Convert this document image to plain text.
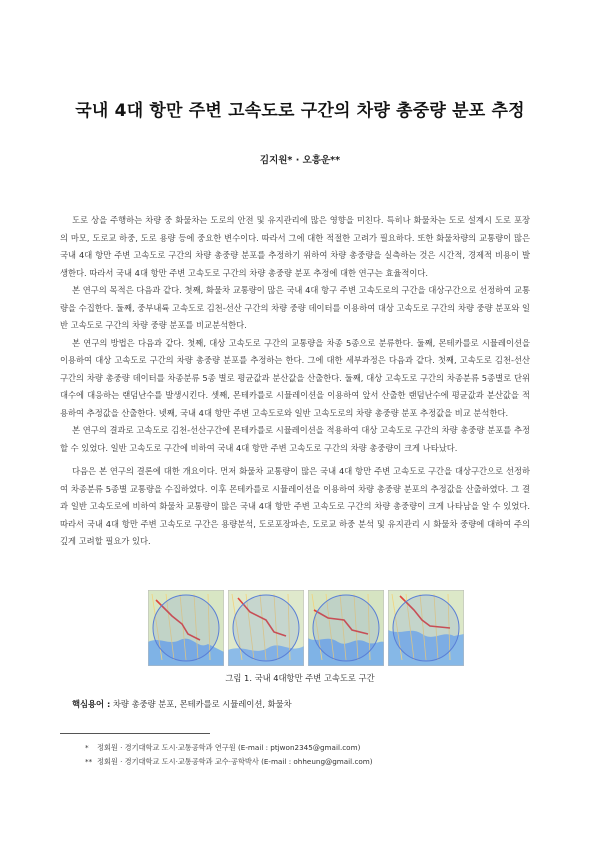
국내 4대 항만 주변 고속도로 구간의 차량 총중량 분포 추정
김지원* · 오흥운**

도로 상을 주행하는 차량 중 화물차는 도로의 안전 및 유지관리에 많은 영향을 미친다. 특히나 화물차는 도로 설계시 도로 포장의 마모, 도로교 하중, 도로 용량 등에 중요한 변수이다. 따라서 그에 대한 적절한 고려가 필요하다. 또한 화물차량의 교통량이 많은 국내 4대 항만 주변 고속도로 구간의 차량 총중량 분포를 추정하기 위하여 차량 총중량을 실측하는 것은 시간적, 경제적 비용이 발생한다. 따라서 국내 4대 항만 주변 고속도로 구간의 차량 총중량 분포 추정에 대한 연구는 효율적이다.

본 연구의 목적은 다음과 같다. 첫째, 화물차 교통량이 많은 국내 4대 항구 주변 고속도로의 구간을 대상구간으로 선정하여 교통량을 수집한다. 둘째, 중부내륙 고속도로 김천-선산 구간의 차량 중량 데이터를 이용하여 대상 고속도로 구간의 차량 중량 분포와 일반 고속도로 구간의 차량 중량 분포를 비교분석한다.

본 연구의 방법은 다음과 같다. 첫째, 대상 고속도로 구간의 교통량을 차종 5종으로 분류한다. 둘째, 몬테카를로 시뮬레이션을 이용하여 대상 고속도로 구간의 차량 총중량 분포를 추정하는 한다. 그에 대한 세부과정은 다음과 같다. 첫째, 고속도로 김천-선산 구간의 차량 총중량 데이터를 차종분류 5종 별로 평균값과 분산값을 산출한다. 둘째, 대상 고속도로 구간의 차종분류 5종별로 단위대수에 대응하는 랜덤난수를 발생시킨다. 셋째, 몬테카를로 시뮬레이션을 이용하여 앞서 산출한 랜덤난수에 평균값과 분산값을 적용하여 추정값을 산출한다. 넷째, 국내 4대 항만 주변 고속도로와 일반 고속도로의 차량 총중량 분포 추정값을 비교 분석한다.

본 연구의 결과로 고속도로 김천-선산구간에 몬테카를로 시뮬레이션을 적용하여 대상 고속도로 구간의 차량 총중량 분포를 추정할 수 있었다. 일반 고속도로 구간에 비하여 국내 4대 항만 주변 고속도로 구간의 차량 총중량이 크게 나타났다.

다음은 본 연구의 결론에 대한 개요이다. 먼저 화물차 교통량이 많은 국내 4대 항만 주변 고속도로 구간을 대상구간으로 선정하여 차종분류 5종별 교통량을 수집하였다. 이후 몬테카를로 시뮬레이션을 이용하여 차량 총중량 분포의 추정값을 산출하였다. 그 결과 일반 고속도로에 비하여 화물차 교통량이 많은 국내 4대 항만 주변 고속도로 구간의 차량 총중량이 크게 나타남을 알 수 있었다. 따라서 국내 4대 항만 주변 고속도로 구간은 용량분석, 도로포장파손, 도로교 하중 분석 및 유지관리 시 화물차 중량에 대하여 주의 깊게 고려할 필요가 있다.

그림 1. 국내 4대항만 주변 고속도로 구간
핵심용어 : 차량 총중량 분포, 몬테카를로 시뮬레이션, 화물차
* 정회원 · 경기대학교 도시·교통공학과 연구원 (E-mail : ptjwon2345@gmail.com)
** 정회원 · 경기대학교 도시·교통공학과 교수·공학박사 (E-mail : ohheung@gmail.com)
